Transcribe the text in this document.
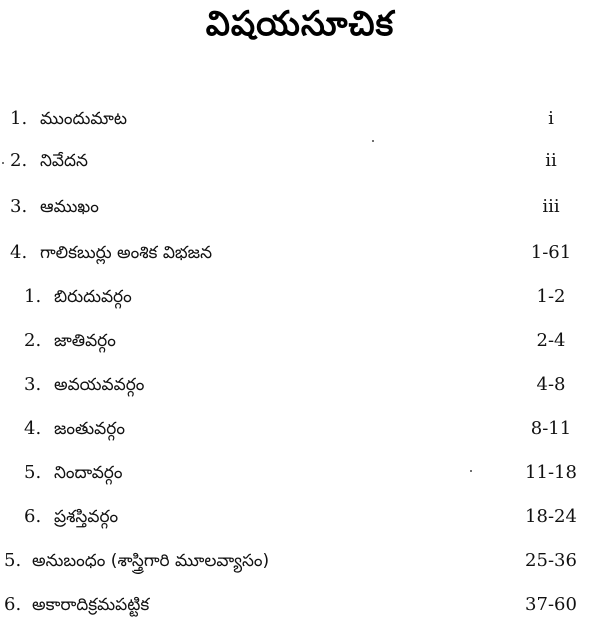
విషయసూచిక
1. ముందుమాట	i
2. నివేదన	ii
3. ఆముఖం	iii
4. గాలికబుర్లు అంశిక విభజన	1-61
1. బిరుదువర్గం	1-2
2. జాతివర్గం	2-4
3. అవయవవర్గం	4-8
4. జంతువర్గం	8-11
5. నిందావర్గం	11-18
6. ప్రశస్తివర్గం	18-24
5. అనుబంధం (శాస్త్రిగారి మూలవ్యాసం)	25-36
6. అకారాదిక్రమపట్టిక	37-60
